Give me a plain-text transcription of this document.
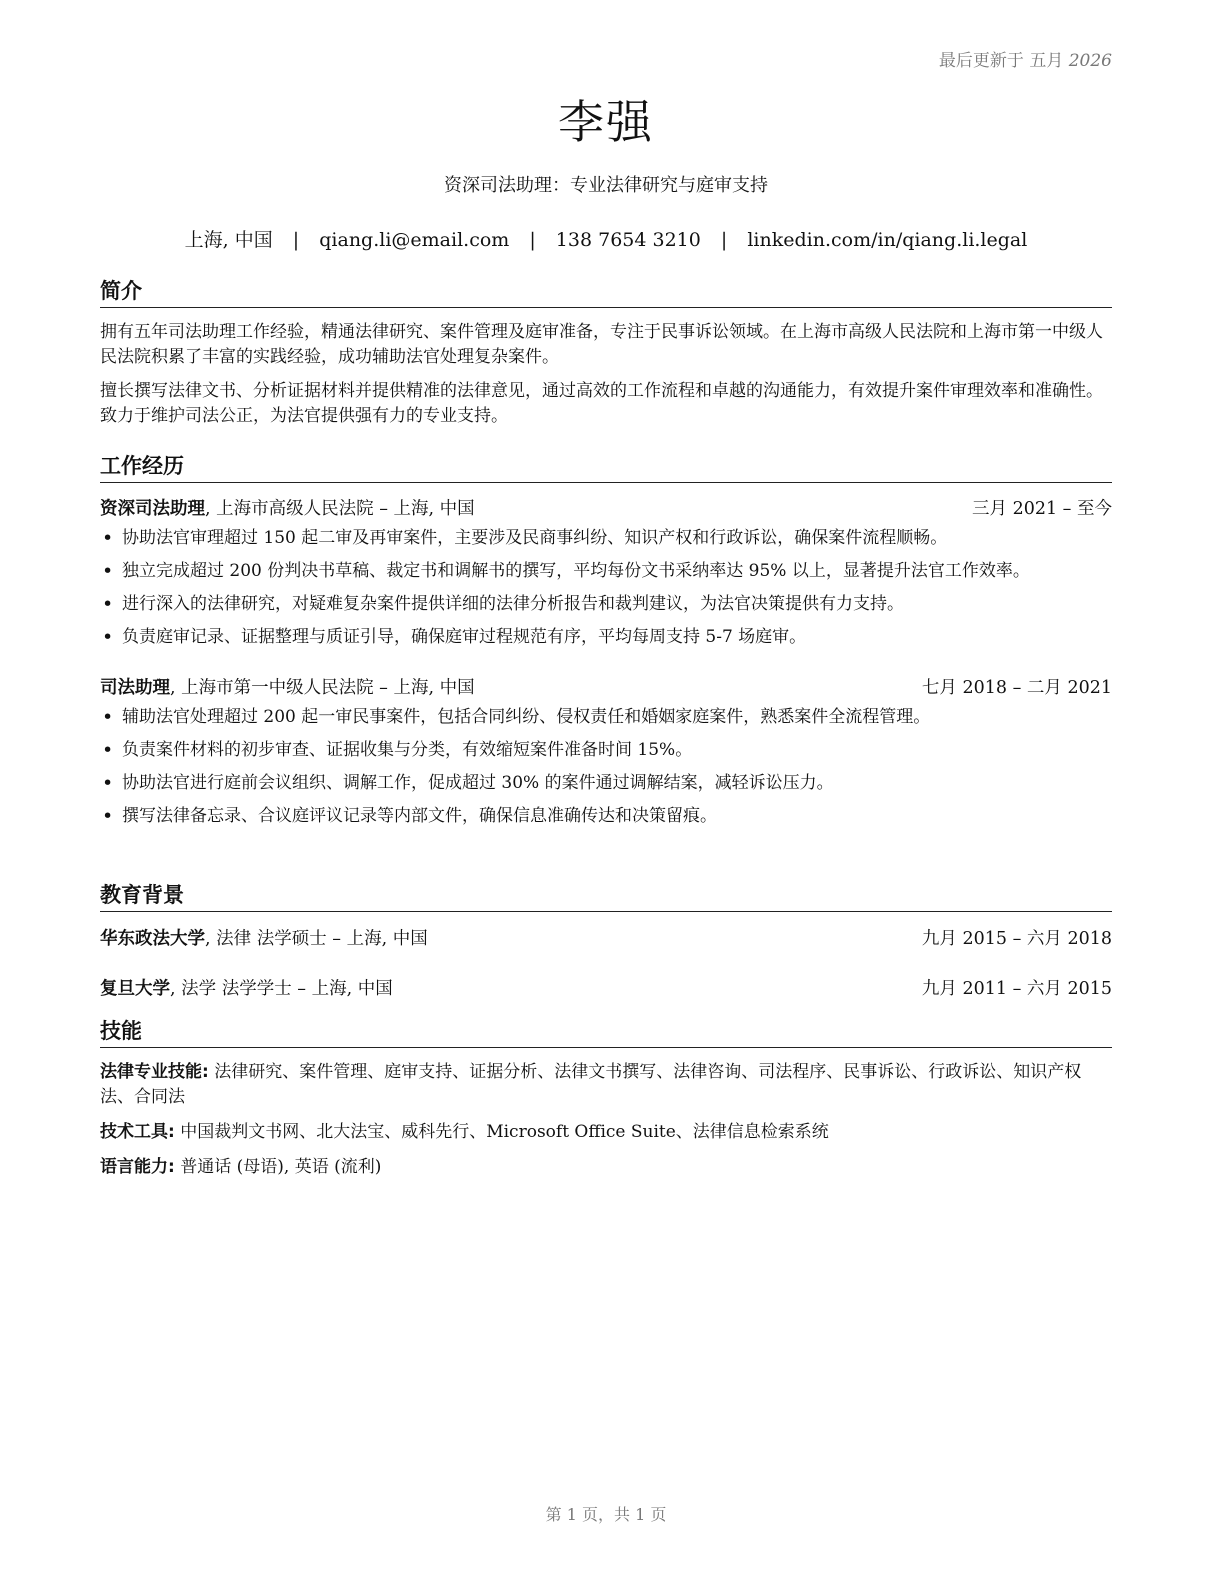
最后更新于 五月 2026
李强
资深司法助理：专业法律研究与庭审支持
上海, 中国 | qiang.li@email.com | 138 7654 3210 | linkedin.com/in/qiang.li.legal
简介

拥有五年司法助理工作经验，精通法律研究、案件管理及庭审准备，专注于民事诉讼领域。在上海市高级人民法院和上海市第一中级人民法院积累了丰富的实践经验，成功辅助法官处理复杂案件。

擅长撰写法律文书、分析证据材料并提供精准的法律意见，通过高效的工作流程和卓越的沟通能力，有效提升案件审理效率和准确性。致力于维护司法公正，为法官提供强有力的专业支持。

工作经历
资深司法助理, 上海市高级人民法院 – 上海, 中国	三月 2021 – 至今
• 协助法官审理超过 150 起二审及再审案件，主要涉及民商事纠纷、知识产权和行政诉讼，确保案件流程顺畅。
• 独立完成超过 200 份判决书草稿、裁定书和调解书的撰写，平均每份文书采纳率达 95% 以上，显著提升法官工作效率。
• 进行深入的法律研究，对疑难复杂案件提供详细的法律分析报告和裁判建议，为法官决策提供有力支持。
• 负责庭审记录、证据整理与质证引导，确保庭审过程规范有序，平均每周支持 5-7 场庭审。
司法助理, 上海市第一中级人民法院 – 上海, 中国	七月 2018 – 二月 2021
• 辅助法官处理超过 200 起一审民事案件，包括合同纠纷、侵权责任和婚姻家庭案件，熟悉案件全流程管理。
• 负责案件材料的初步审查、证据收集与分类，有效缩短案件准备时间 15%。
• 协助法官进行庭前会议组织、调解工作，促成超过 30% 的案件通过调解结案，减轻诉讼压力。
• 撰写法律备忘录、合议庭评议记录等内部文件，确保信息准确传达和决策留痕。
教育背景
华东政法大学, 法律 法学硕士 – 上海, 中国	九月 2015 – 六月 2018
复旦大学, 法学 法学学士 – 上海, 中国	九月 2011 – 六月 2015
技能

法律专业技能: 法律研究、案件管理、庭审支持、证据分析、法律文书撰写、法律咨询、司法程序、民事诉讼、行政诉讼、知识产权法、合同法

技术工具: 中国裁判文书网、北大法宝、威科先行、Microsoft Office Suite、法律信息检索系统

语言能力: 普通话 (母语), 英语 (流利)

第 1 页，共 1 页
